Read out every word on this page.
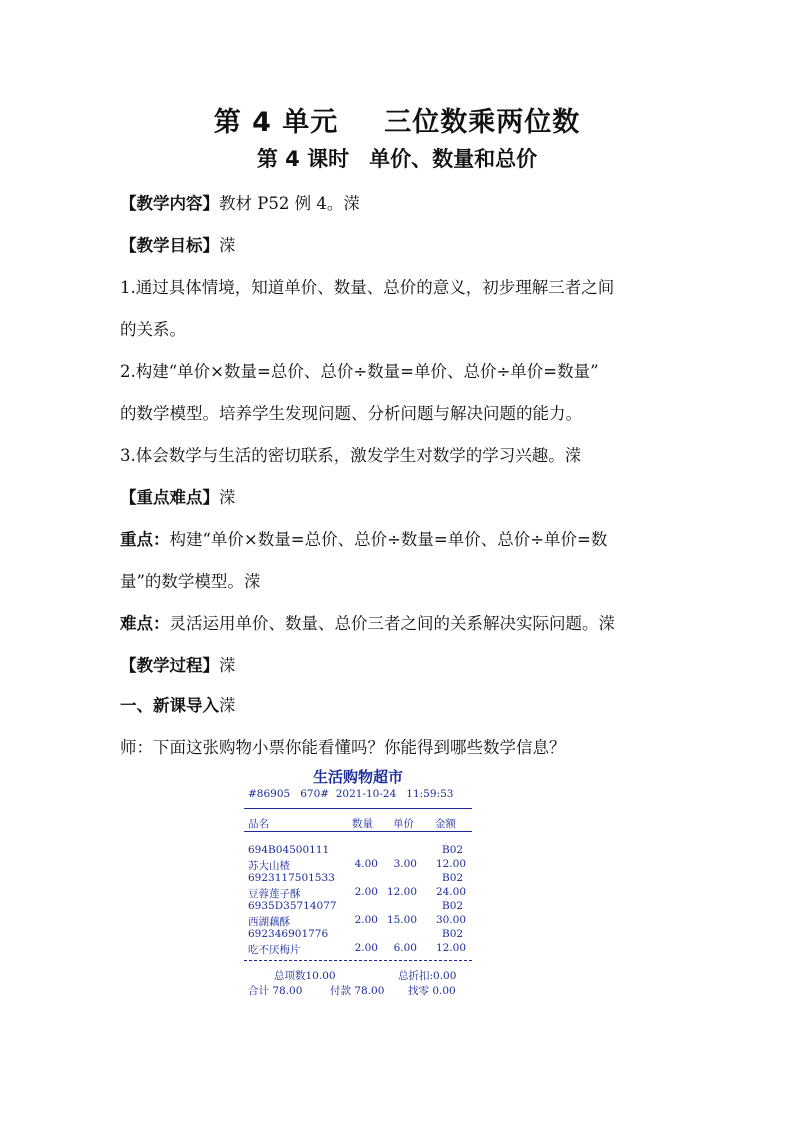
第 4 单元 三位数乘两位数
第 4 课时 单价、数量和总价
【教学内容】教材 P52 例 4。溁
【教学目标】溁
1.通过具体情境，知道单价、数量、总价的意义，初步理解三者之间
的关系。
2.构建“单价×数量=总价、总价÷数量=单价、总价÷单价=数量”
的数学模型。培养学生发现问题、分析问题与解决问题的能力。
3.体会数学与生活的密切联系，激发学生对数学的学习兴趣。溁
【重点难点】溁
重点：构建“单价×数量=总价、总价÷数量=单价、总价÷单价=数
量”的数学模型。溁
难点：灵活运用单价、数量、总价三者之间的关系解决实际问题。溁
【教学过程】溁
一、新课导入溁
师：下面这张购物小票你能看懂吗？你能得到哪些数学信息？
生活购物超市
#86905   670#  2021-10-24   11:59:53
品名	数量 单价 金额
694B04500111	B02
苏大山楂	4.00	3.00	12.00
6923117501533	B02
豆蓉莲子酥	2.00 12.00	24.00
6935D35714077	B02
西湖藕酥	2.00 15.00	30.00
692346901776	B02
吃不厌梅片	2.00	6.00	12.00
总项数10.00	总折扣:0.00
合计 78.00	付款 78.00 找零 0.00
